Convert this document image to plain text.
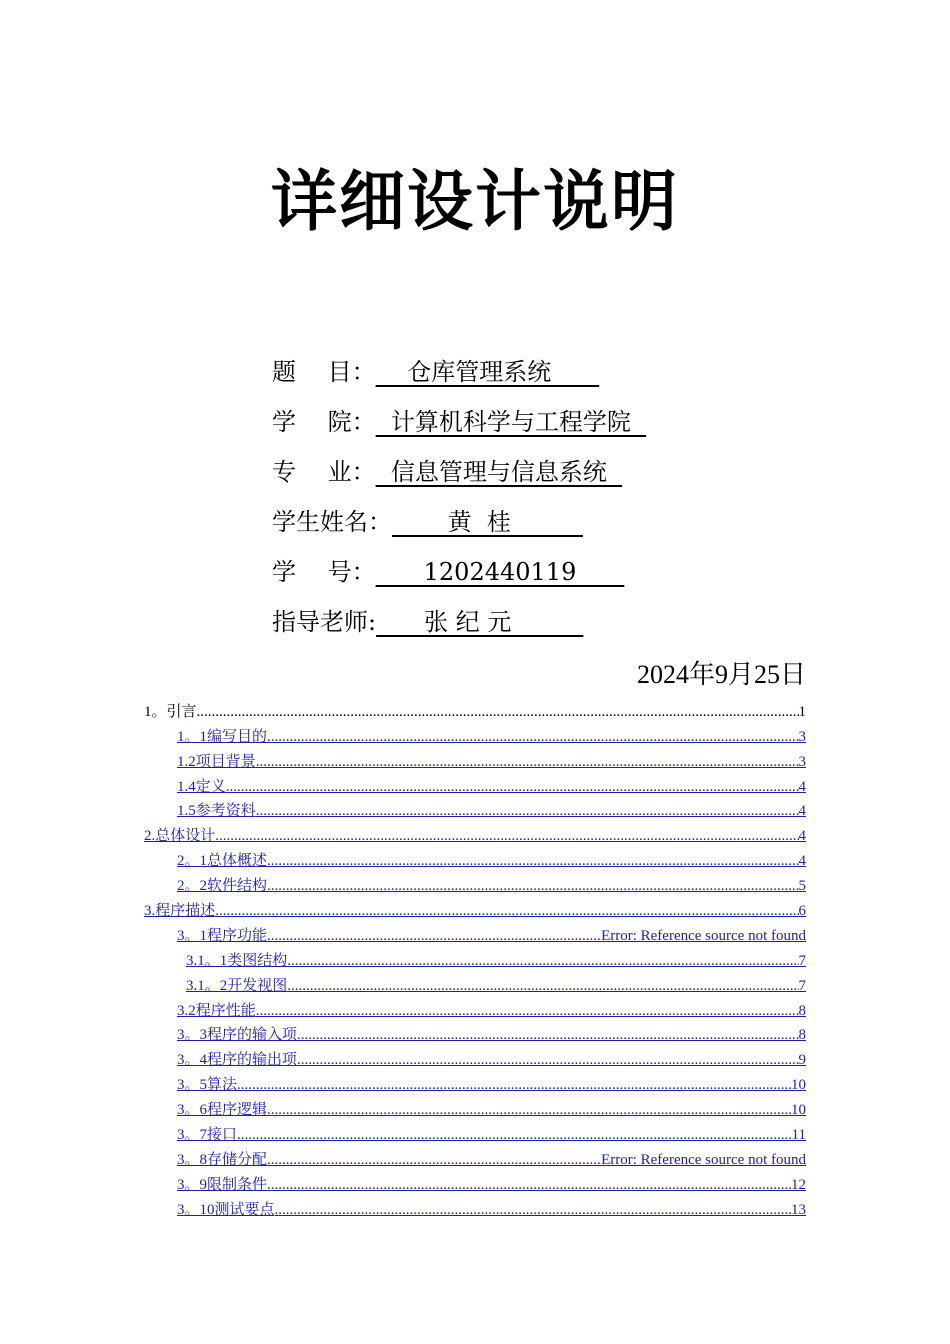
详细设计说明
题　 目： 　 仓库管理系统　　
学　 院： 计算机科学与工程学院
专　 业： 信息管理与信息系统
学生姓名： 　　 黄  桂　　　
学　 号： 　　1202440119　　
指导老师: 　　张 纪 元　　　
2024年9月25日
1。引言 .....	1
1。1编写目的 .....	3
1.2项目背景 .....	3
1.4定义 .....	4
1.5参考资料 .....	4
2.总体设计 .....	4
2。1总体概述 .....	4
2。2软件结构 .....	5
3.程序描述 .....	6
3。1程序功能 .....	Error: Reference source not found
3.1。1类图结构 .....	7
3.1。2开发视图 .....	7
3.2程序性能 .....	8
3。3程序的输入项 .....	8
3。4程序的输出项 .....	9
3。5算法 .....	10
3。6程序逻辑 .....	10
3。7接口 .....	11
3。8存储分配 .....	Error: Reference source not found
3。9限制条件 .....	12
3。10测试要点 .....	13
